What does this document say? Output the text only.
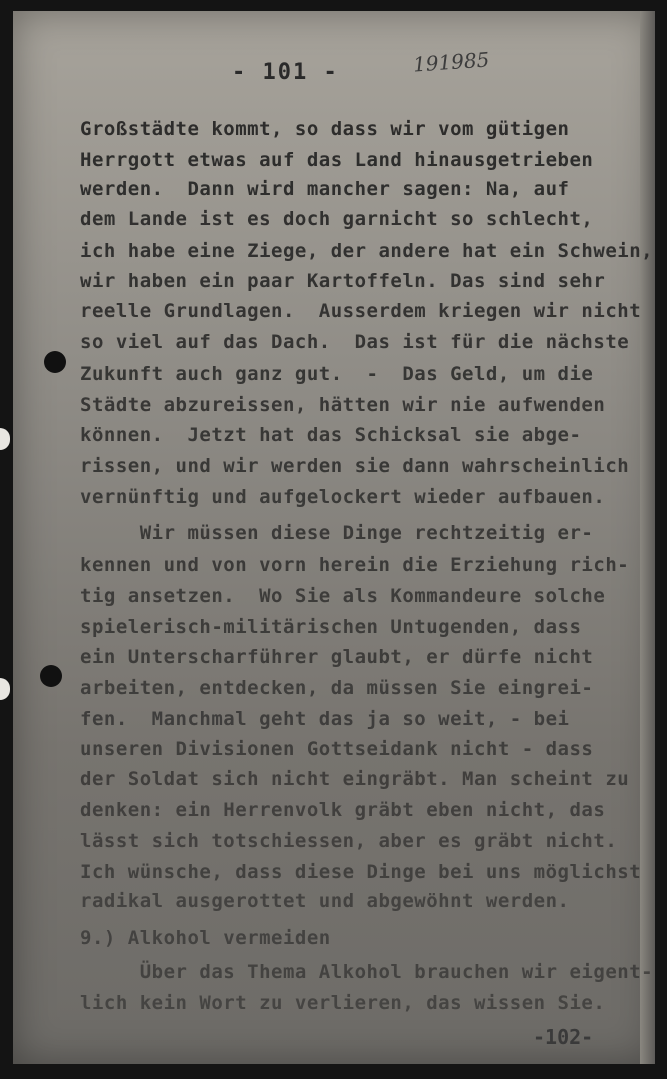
- 101 -	191985
Großstädte kommt, so dass wir vom gütigen
Herrgott etwas auf das Land hinausgetrieben
werden.  Dann wird mancher sagen: Na, auf
dem Lande ist es doch garnicht so schlecht,
ich habe eine Ziege, der andere hat ein Schwein,
wir haben ein paar Kartoffeln. Das sind sehr
reelle Grundlagen.  Ausserdem kriegen wir nicht
so viel auf das Dach.  Das ist für die nächste
Zukunft auch ganz gut.  -  Das Geld, um die
Städte abzureissen, hätten wir nie aufwenden
können.  Jetzt hat das Schicksal sie abge-
rissen, und wir werden sie dann wahrscheinlich
vernünftig und aufgelockert wieder aufbauen.
Wir müssen diese Dinge rechtzeitig er-
kennen und von vorn herein die Erziehung rich-
tig ansetzen.  Wo Sie als Kommandeure solche
spielerisch-militärischen Untugenden, dass
ein Unterscharführer glaubt, er dürfe nicht
arbeiten, entdecken, da müssen Sie eingrei-
fen.  Manchmal geht das ja so weit, - bei
unseren Divisionen Gottseidank nicht - dass
der Soldat sich nicht eingräbt. Man scheint zu
denken: ein Herrenvolk gräbt eben nicht, das
lässt sich totschiessen, aber es gräbt nicht.
Ich wünsche, dass diese Dinge bei uns möglichst
radikal ausgerottet und abgewöhnt werden.
9.) Alkohol vermeiden
Über das Thema Alkohol brauchen wir eigent-
lich kein Wort zu verlieren, das wissen Sie.
-102-
